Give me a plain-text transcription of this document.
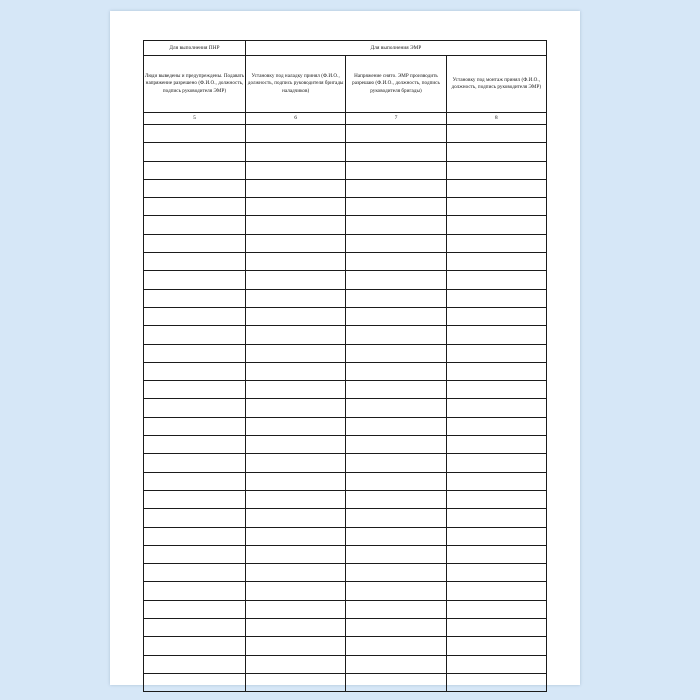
Для выполнения ПНР	Для выполнения ЭМР		

Люди выведены и предупреждены. Подавать напряжение разрешено (Ф.И.О., должность, подпись руководителя ЭМР)	Установку под наладку принял (Ф.И.О., должность, подпись руководителя бригады наладчиков)	Напряжение снято. ЭМР производить разрешаю (Ф.И.О., должность, подпись руководителя бригады)	Установку под монтаж принял (Ф.И.О., должность, подпись руководителя ЭМР)

5	6	7	8
